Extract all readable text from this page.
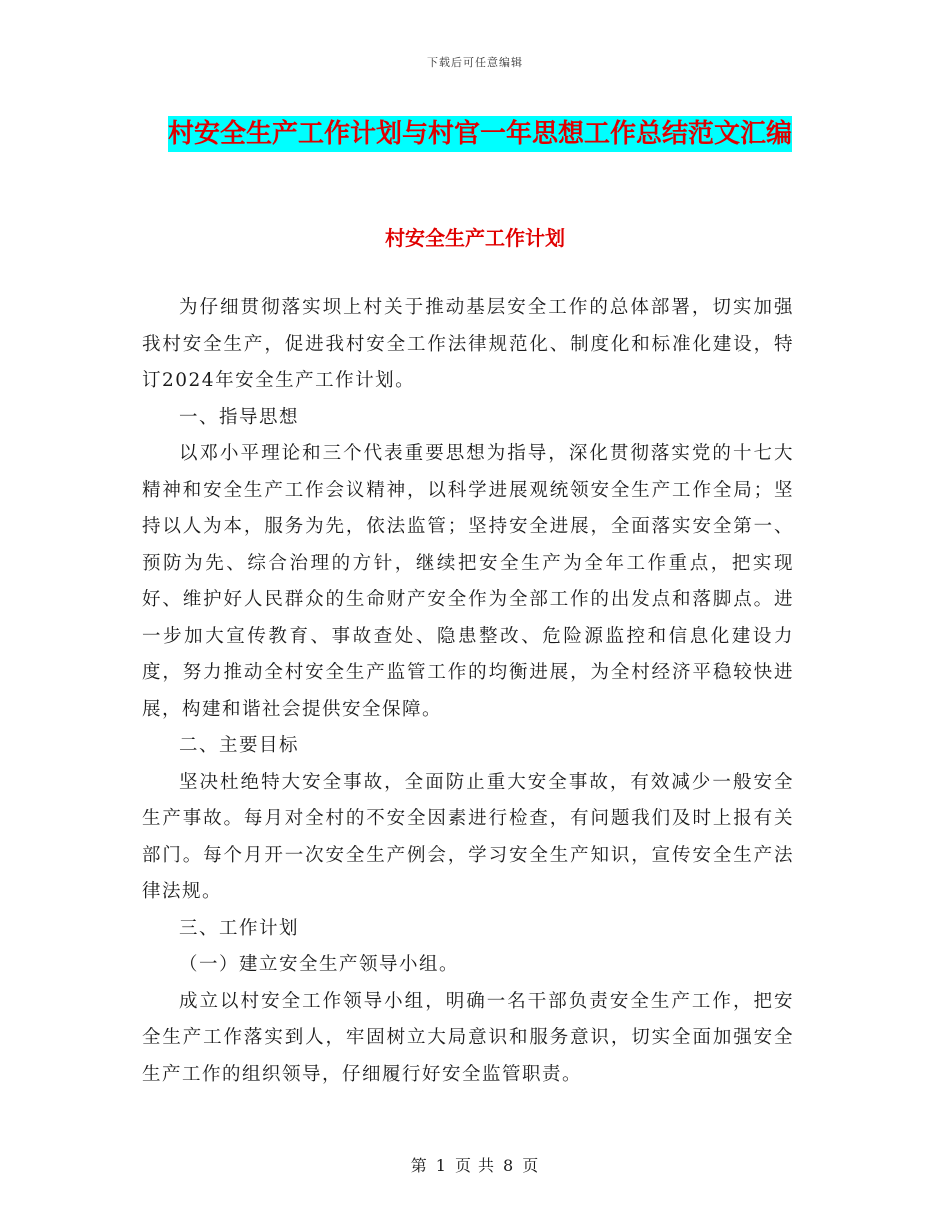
下载后可任意编辑
村安全生产工作计划与村官一年思想工作总结范文汇编
村安全生产工作计划

为仔细贯彻落实坝上村关于推动基层安全工作的总体部署，切实加强我村安全生产，促进我村安全工作法律规范化、制度化和标准化建设，特订2024年安全生产工作计划。

一、指导思想

以邓小平理论和三个代表重要思想为指导，深化贯彻落实党的十七大精神和安全生产工作会议精神，以科学进展观统领安全生产工作全局；坚持以人为本，服务为先，依法监管；坚持安全进展，全面落实安全第一、预防为先、综合治理的方针，继续把安全生产为全年工作重点，把实现好、维护好人民群众的生命财产安全作为全部工作的出发点和落脚点。进一步加大宣传教育、事故查处、隐患整改、危险源监控和信息化建设力度，努力推动全村安全生产监管工作的均衡进展，为全村经济平稳较快进展，构建和谐社会提供安全保障。

二、主要目标

坚决杜绝特大安全事故，全面防止重大安全事故，有效减少一般安全生产事故。每月对全村的不安全因素进行检查，有问题我们及时上报有关部门。每个月开一次安全生产例会，学习安全生产知识，宣传安全生产法律法规。

三、工作计划

（一）建立安全生产领导小组。

成立以村安全工作领导小组，明确一名干部负责安全生产工作，把安全生产工作落实到人，牢固树立大局意识和服务意识，切实全面加强安全生产工作的组织领导，仔细履行好安全监管职责。

第 1 页 共 8 页
